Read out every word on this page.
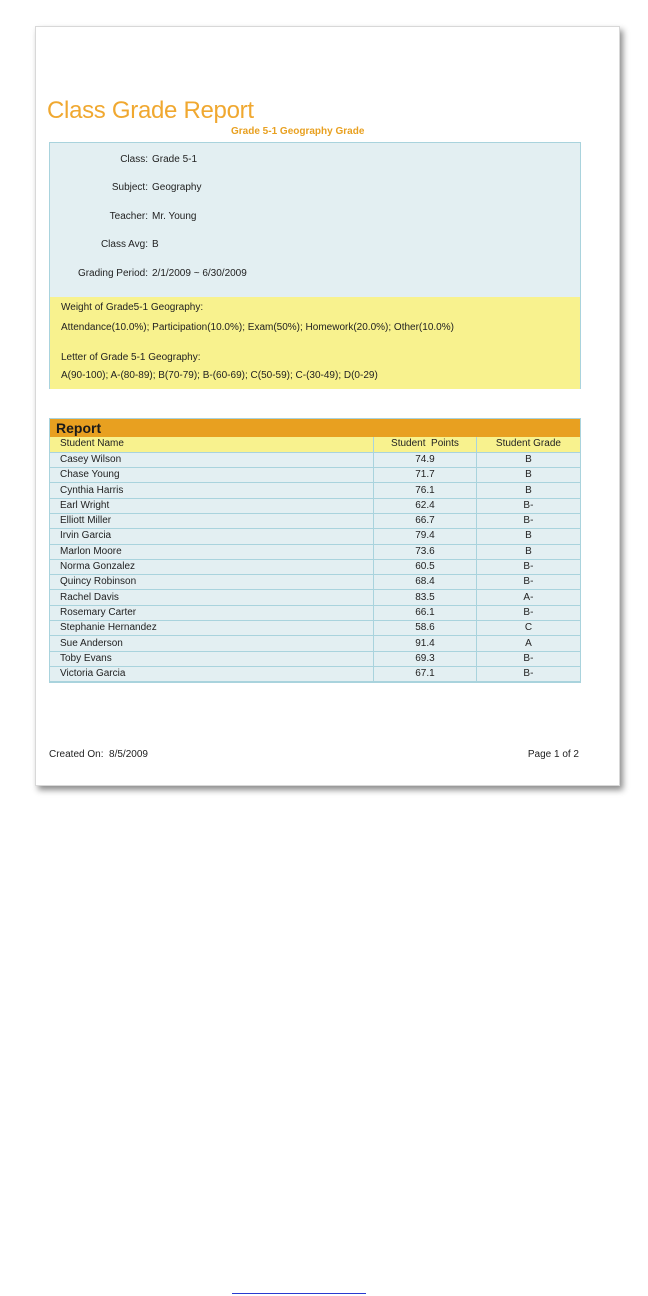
Class Grade Report
Grade 5-1 Geography Grade
Class: Grade 5-1
Subject: Geography
Teacher: Mr. Young
Class Avg: B
Grading Period: 2/1/2009 ~ 6/30/2009
Weight of Grade5-1 Geography:
Attendance(10.0%); Participation(10.0%); Exam(50%); Homework(20.0%); Other(10.0%)
Letter of Grade 5-1 Geography:
A(90-100); A-(80-89); B(70-79); B-(60-69); C(50-59); C-(30-49); D(0-29)
Report
Student Name	Student  Points	Student Grade
Casey Wilson	74.9	B
Chase Young	71.7	B
Cynthia Harris	76.1	B
Earl Wright	62.4	B-
Elliott Miller	66.7	B-
Irvin Garcia	79.4	B
Marlon Moore	73.6	B
Norma Gonzalez	60.5	B-
Quincy Robinson	68.4	B-
Rachel Davis	83.5	A-
Rosemary Carter	66.1	B-
Stephanie Hernandez	58.6	C
Sue Anderson	91.4	A
Toby Evans	69.3	B-
Victoria Garcia	67.1	B-
Created On:  8/5/2009	Page 1 of 2
